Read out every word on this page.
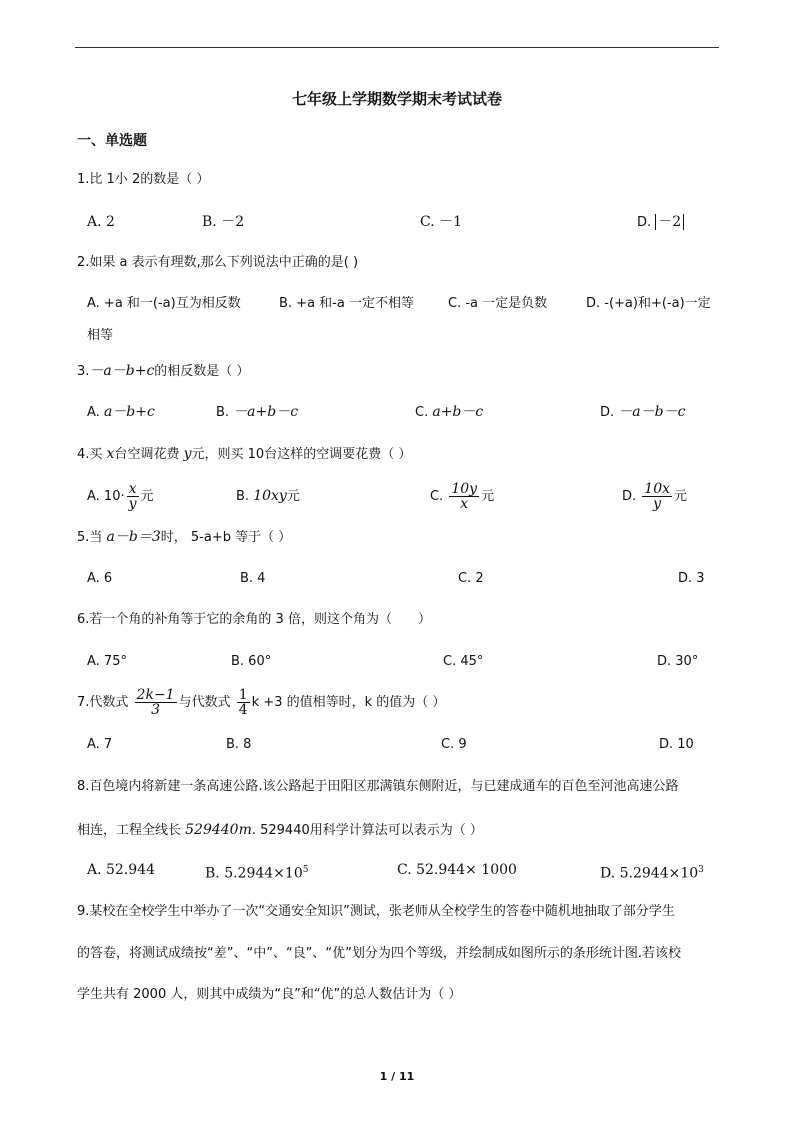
七年级上学期数学期末考试试卷
一、单选题
1.比 1小 2的数是（ ）
A. 2	B. －2	C. －1	D. －2
2.如果 a 表示有理数,那么下列说法中正确的是( )
A. +a 和一(-a)互为相反数	B. +a 和-a 一定不相等	C. -a 一定是负数	D. -(+a)和+(-a)一定
相等
3.－a－b+c的相反数是（ ）
A. a－b+c	B. －a+b－c	C. a+b－c	D. －a－b－c
4.买 x台空调花费 y元，则买 10台这样的空调要花费（ ）
A. $10\cdot \frac{x}{y}$ 元	B. 10xy元	C. $\frac{10y}{x}$ 元	D. $\frac{10x}{y}$ 元
5.当 a－b＝3时， 5-a+b 等于（ ）
A. 6	B. 4	C. 2	D. 3
6.若一个角的补角等于它的余角的 3 倍，则这个角为（　　）
A. 75°	B. 60°	C. 45°	D. 30°
7.代数式 $\frac{2k-1}{3}$ 与代数式 $\frac{1}{4}$ k +3 的值相等时，k 的值为（ ）
A. 7	B. 8	C. 9	D. 10
8.百色境内将新建一条高速公路.该公路起于田阳区那满镇东侧附近，与已建成通车的百色至河池高速公路
相连，工程全线长 529440m. 529440用科学计算法可以表示为（ ）
A. 52.944	B. $5.2944\times 10^5$	C. 52.944× 1000	D. $5.2944\times 10^3$
9.某校在全校学生中举办了一次“交通安全知识”测试，张老师从全校学生的答卷中随机地抽取了部分学生
的答卷，将测试成绩按“差”、“中”、“良”、“优”划分为四个等级，并绘制成如图所示的条形统计图.若该校
学生共有 2000 人，则其中成绩为“良”和“优”的总人数估计为（ ）
1 / 11
